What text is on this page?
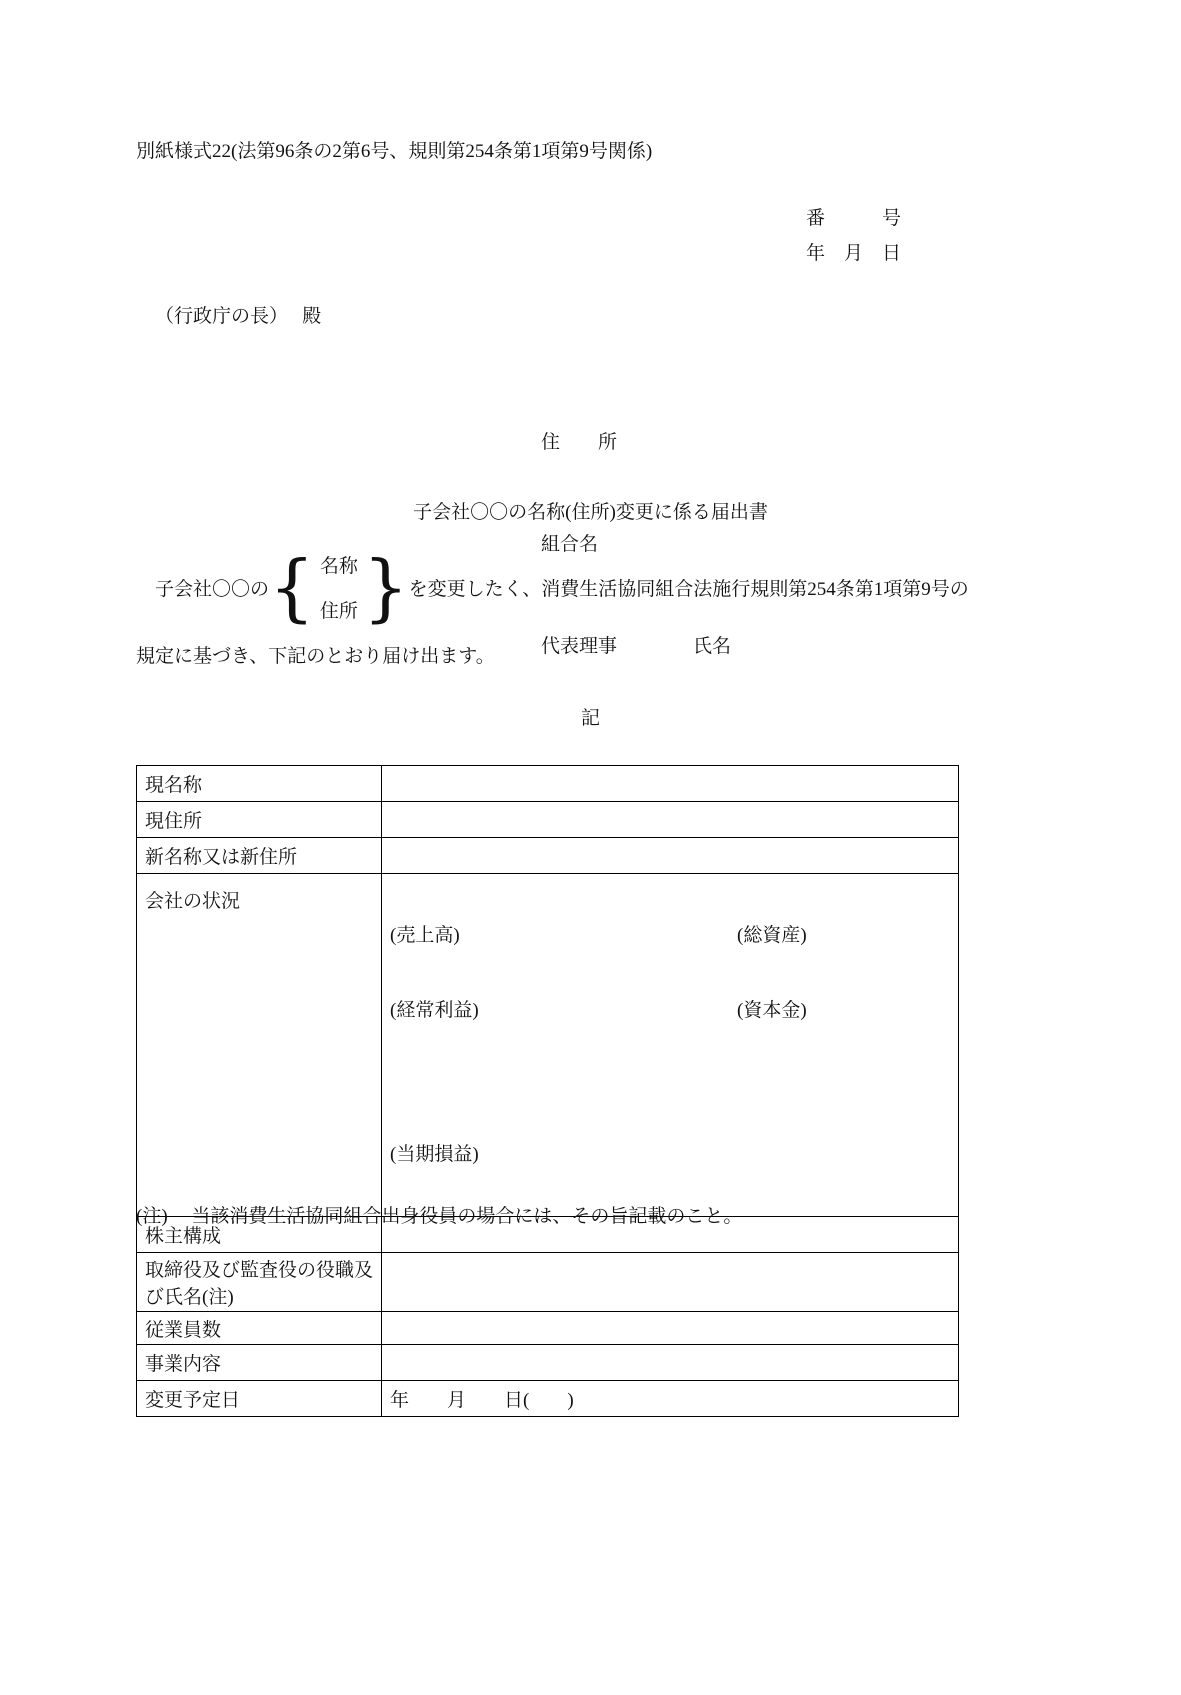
別紙様式22(法第96条の2第6号、規則第254条第1項第9号関係)
番　　　号
年　月　日
（行政庁の長）　 殿

住　　所

組合名

代表理事　　　　氏名

子会社〇〇の名称(住所)変更に係る届出書
　子会社〇〇の { 名称
住所 } を変更したく、消費生活協同組合法施行規則第254条第1項第9号の
規定に基づき、下記のとおり届け出ます。
記
現名称	
現住所	
新名称又は新住所	
会社の状況	(売上高) (総資産)

(経常利益) (資本金)

(当期損益)

株主構成	
取締役及び監査役の役職及び氏名(注)	
従業員数	
事業内容	
変更予定日	年　　月　　日(　　)
(注)　 当該消費生活協同組合出身役員の場合には、その旨記載のこと。
